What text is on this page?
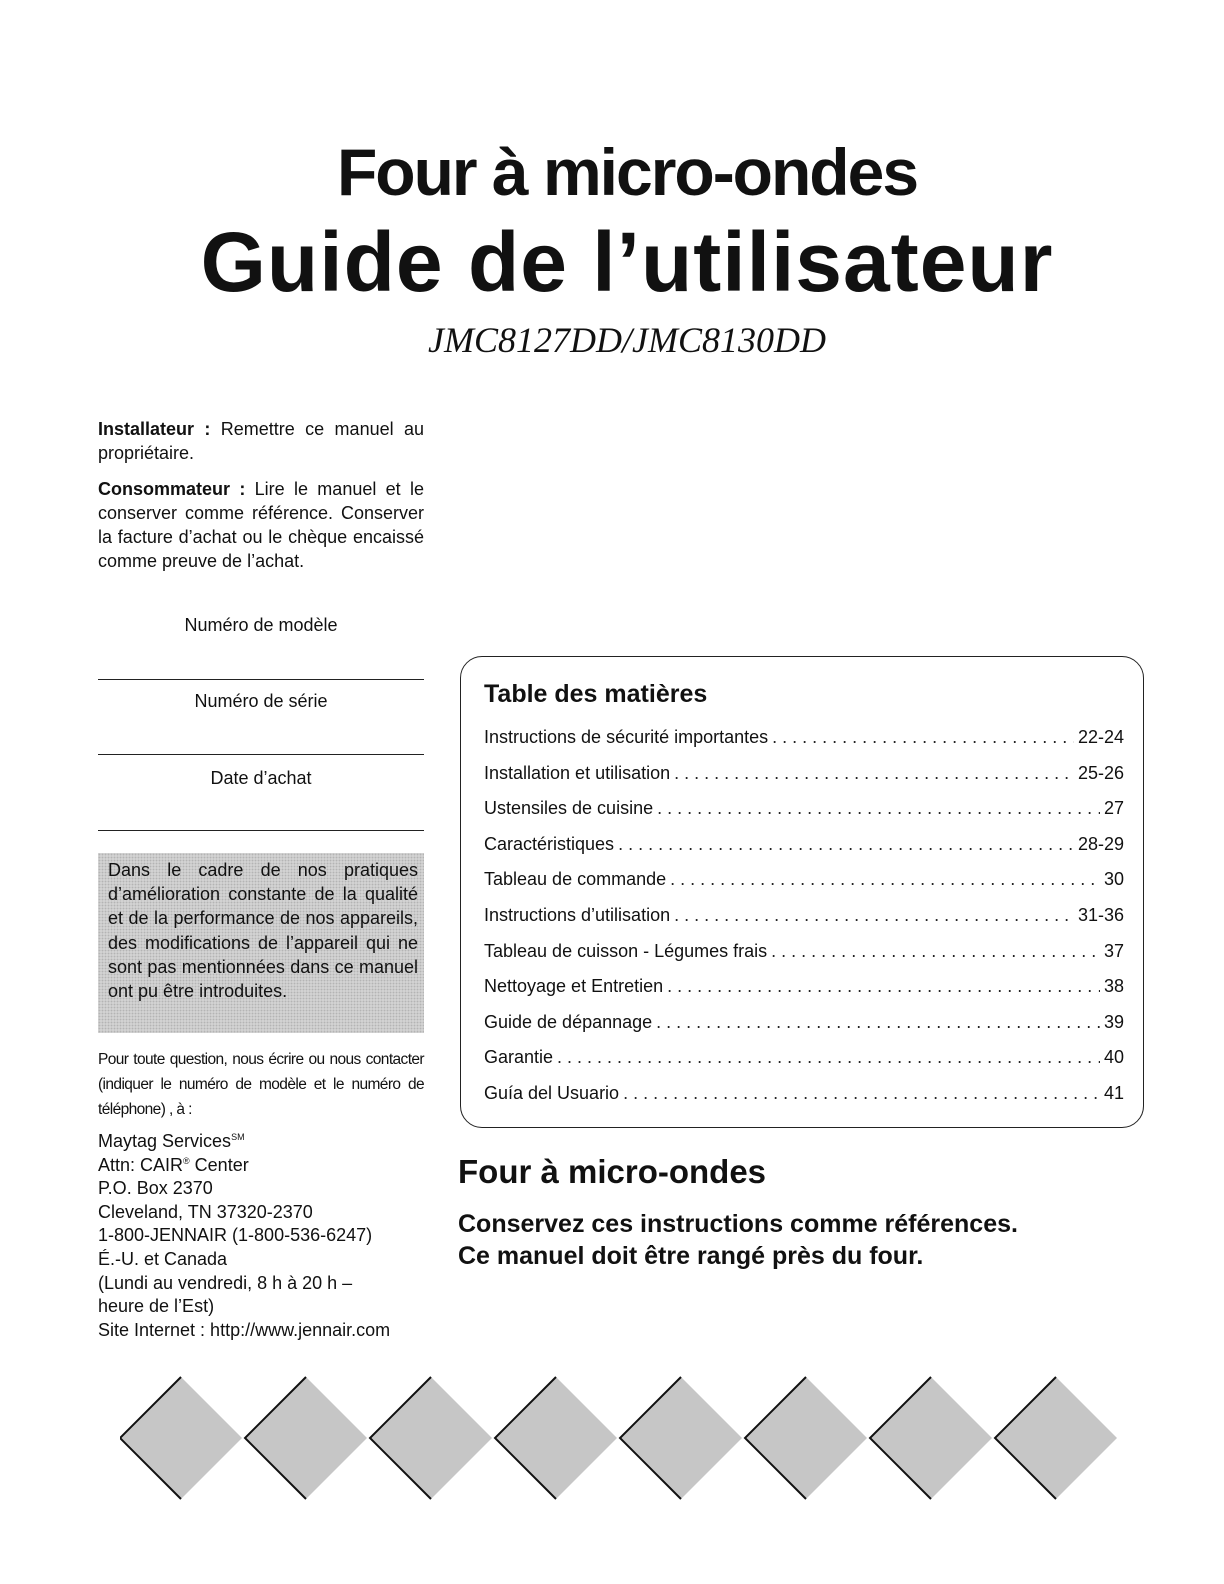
Four à micro-ondes
Guide de l’utilisateur
JMC8127DD/JMC8130DD

Installateur : Remettre ce manuel au propriétaire.

Consommateur : Lire le manuel et le conserver comme référence. Conserver la facture d’achat ou le chèque encaissé comme preuve de l’achat.

Numéro de modèle
Numéro de série
Date d’achat
Dans le cadre de nos pratiques d’amélioration constante de la qualité et de la performance de nos appareils, des modifications de l’appareil qui ne sont pas mentionnées dans ce manuel ont pu être introduites.
Pour toute question, nous écrire ou nous contacter (indiquer le numéro de modèle et le numéro de téléphone) , à :
Maytag Services℠
Attn: CAIR® Center
P.O. Box 2370
Cleveland, TN 37320-2370
1-800-JENNAIR (1-800-536-6247)
É.-U. et Canada
(Lundi au vendredi, 8 h à 20 h –
heure de l’Est)
Site Internet : http://www.jennair.com
Table des matières
Instructions de sécurité importantes . . .	22-24
Installation et utilisation . . .	25-26
Ustensiles de cuisine . . .	27
Caractéristiques . . .	28-29
Tableau de commande . . .	30
Instructions d’utilisation . . .	31-36
Tableau de cuisson - Légumes frais . . .	37
Nettoyage et Entretien . . .	38
Guide de dépannage . . .	39
Garantie . . .	40
Guía del Usuario . . .	41
Four à micro-ondes
Conservez ces instructions comme références.
Ce manuel doit être rangé près du four.
